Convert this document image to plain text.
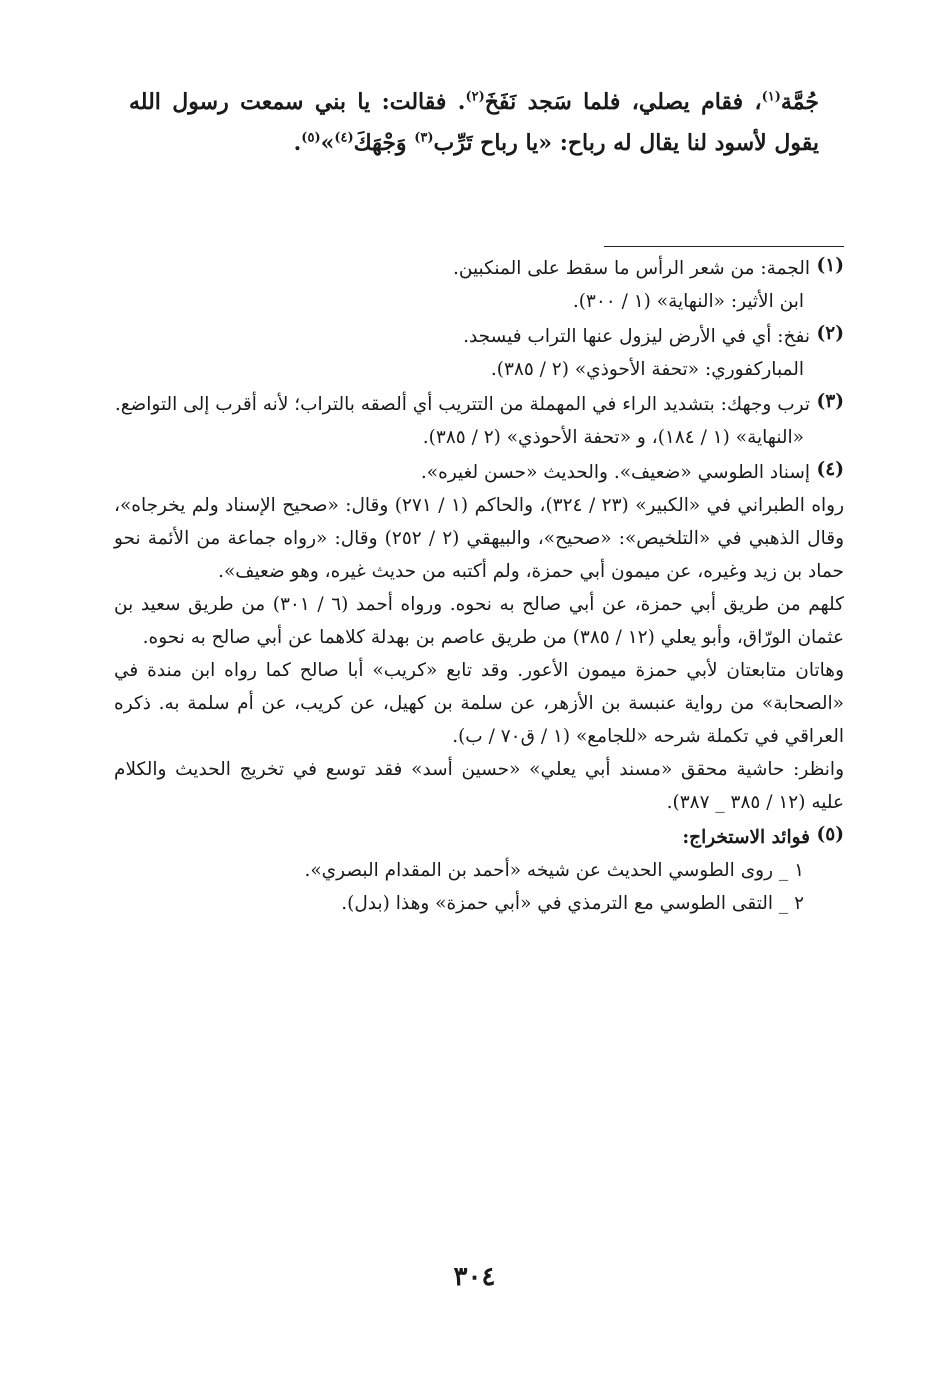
جُمَّة$^{(١)}$، فقام يصلي، فلما سَجد نَفَخَ$^{(٢)}$. فقالت: يا بني سمعت رسول الله يقول لأسود لنا يقال له رباح: «يا رباح تَرِّب$^{(٣)}$ وَجْهَكَ$^{(٤)}$»$^{(٥)}$.

(١)

الجمة: من شعر الرأس ما سقط على المنكبين.

ابن الأثير: «النهاية» (١ / ٣٠٠).

(٢)

نفخ: أي في الأرض ليزول عنها التراب فيسجد.

المباركفوري: «تحفة الأحوذي» (٢ / ٣٨٥).

(٣)

ترب وجهك: بتشديد الراء في المهملة من التتريب أي ألصقه بالتراب؛ لأنه أقرب إلى التواضع.

«النهاية» (١ / ١٨٤)، و «تحفة الأحوذي» (٢ / ٣٨٥).

(٤)

إسناد الطوسي «ضعيف». والحديث «حسن لغيره».

رواه الطبراني في «الكبير» (٢٣ / ٣٢٤)، والحاكم (١ / ٢٧١) وقال: «صحيح الإسناد ولم يخرجاه»، وقال الذهبي في «التلخيص»: «صحيح»، والبيهقي (٢ / ٢٥٢) وقال: «رواه جماعة من الأئمة نحو حماد بن زيد وغيره، عن ميمون أبي حمزة، ولم أكتبه من حديث غيره، وهو ضعيف».

كلهم من طريق أبي حمزة، عن أبي صالح به نحوه. ورواه أحمد (٦ / ٣٠١) من طريق سعيد بن عثمان الورّاق، وأبو يعلي (١٢ / ٣٨٥) من طريق عاصم بن بهدلة كلاهما عن أبي صالح به نحوه.

وهاتان متابعتان لأبي حمزة ميمون الأعور. وقد تابع «كريب» أبا صالح كما رواه ابن مندة في «الصحابة» من رواية عنبسة بن الأزهر، عن سلمة بن كهيل، عن كريب، عن أم سلمة به. ذكره العراقي في تكملة شرحه «للجامع» (١ / ق٧٠ / ب).

وانظر: حاشية محقق «مسند أبي يعلي» «حسين أسد» فقد توسع في تخريج الحديث والكلام عليه (١٢ / ٣٨٥ _ ٣٨٧).

(٥)

فوائد الاستخراج:

١ _ روى الطوسي الحديث عن شيخه «أحمد بن المقدام البصري».

٢ _ التقى الطوسي مع الترمذي في «أبي حمزة» وهذا (بدل).

٣٠٤
